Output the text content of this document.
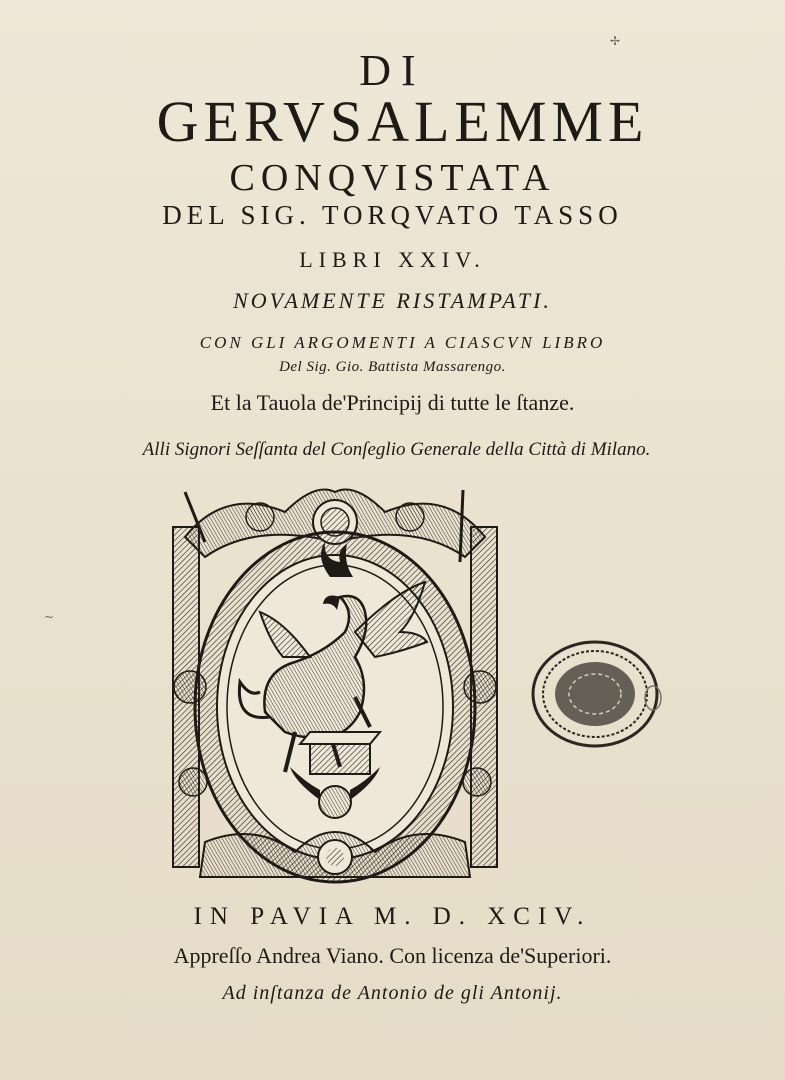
DI
GERVSALEMME
CONQVISTATA
DEL SIG. TORQVATO TASSO
LIBRI XXIV.
NOVAMENTE RISTAMPATI.
CON GLI ARGOMENTI A CIASCVN LIBRO
Del Sig. Gio. Battista Massarengo.
Et la Tauola de'Principij di tutte le ſtanze.
Alli Signori Seſſanta del Conſeglio Generale della Città di Milano.
✢
~
IN PAVIA M. D. XCIV.
Appreſſo Andrea Viano. Con licenza de'Superiori.
Ad inſtanza de Antonio de gli Antonij.
